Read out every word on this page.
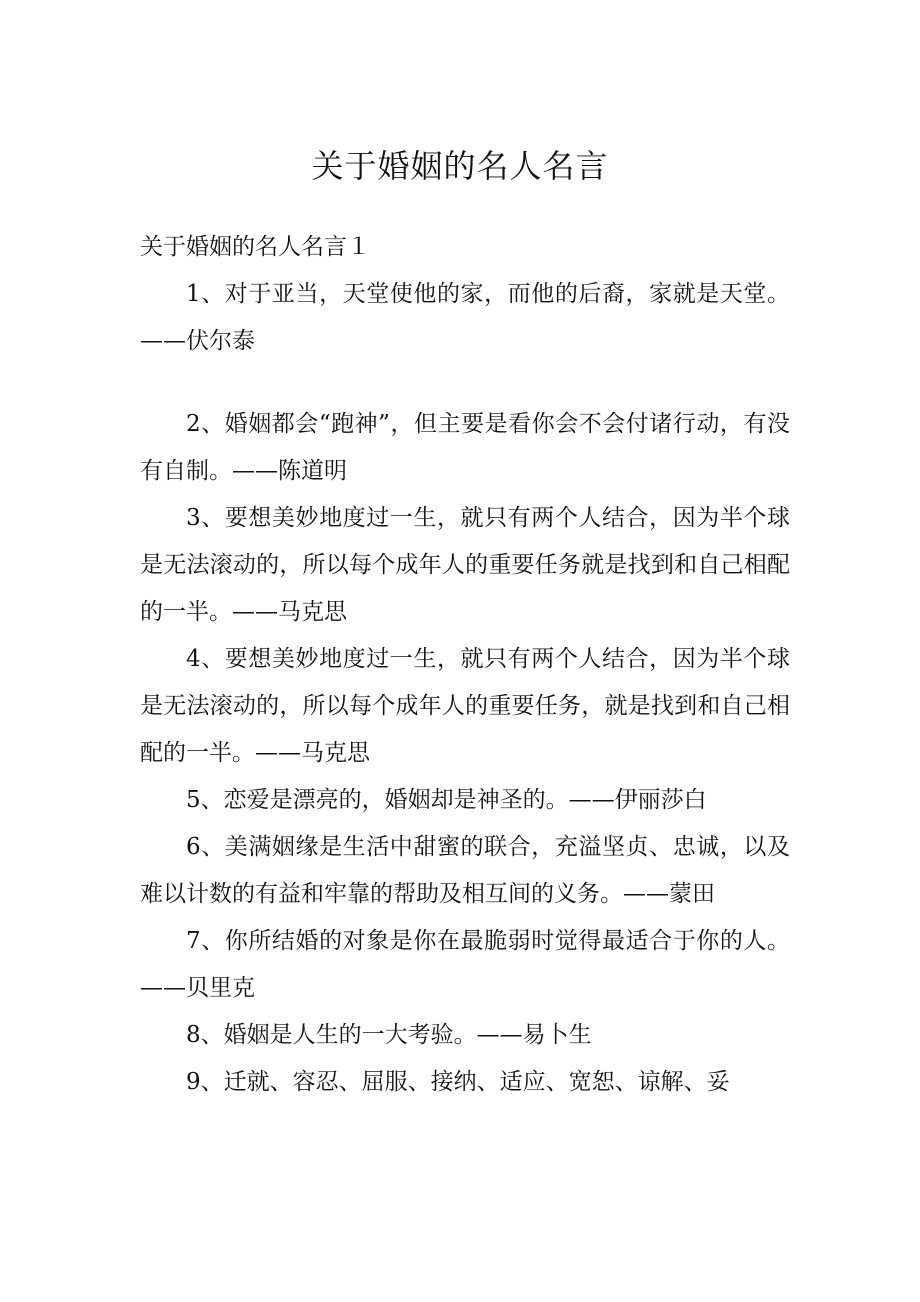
关于婚姻的名人名言
关于婚姻的名人名言１

1、对于亚当，天堂使他的家，而他的后裔，家就是天堂。——伏尔泰

2、婚姻都会“跑神”，但主要是看你会不会付诸行动，有没有自制。——陈道明

3、要想美妙地度过一生，就只有两个人结合，因为半个球是无法滚动的，所以每个成年人的重要任务就是找到和自己相配的一半。——马克思

4、要想美妙地度过一生，就只有两个人结合，因为半个球是无法滚动的，所以每个成年人的重要任务，就是找到和自己相配的一半。——马克思

5、恋爱是漂亮的，婚姻却是神圣的。——伊丽莎白

6、美满姻缘是生活中甜蜜的联合，充溢坚贞、忠诚，以及难以计数的有益和牢靠的帮助及相互间的义务。——蒙田

7、你所结婚的对象是你在最脆弱时觉得最适合于你的人。——贝里克

8、婚姻是人生的一大考验。——易卜生

9、迁就、容忍、屈服、接纳、适应、宽恕、谅解、妥
